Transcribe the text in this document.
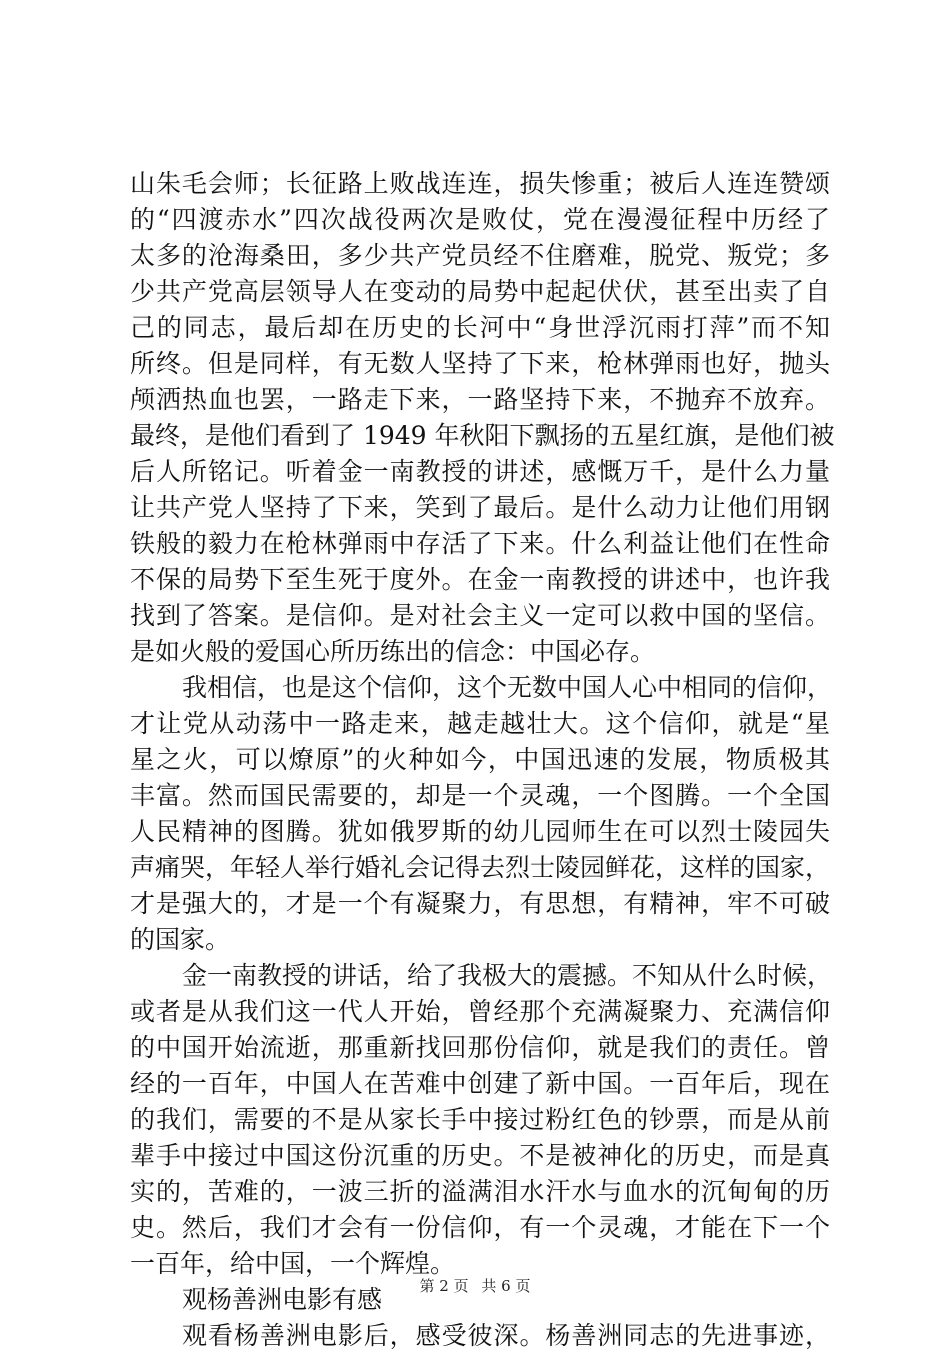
山朱毛会师；长征路上败战连连，损失惨重；被后人连连赞颂
的“四渡赤水”四次战役两次是败仗，党在漫漫征程中历经了
太多的沧海桑田，多少共产党员经不住磨难，脱党、叛党；多
少共产党高层领导人在变动的局势中起起伏伏，甚至出卖了自
己的同志，最后却在历史的长河中“身世浮沉雨打萍”而不知
所终。但是同样，有无数人坚持了下来，枪林弹雨也好，抛头
颅洒热血也罢，一路走下来，一路坚持下来，不抛弃不放弃。
最终，是他们看到了 1949 年秋阳下飘扬的五星红旗，是他们被
后人所铭记。听着金一南教授的讲述，感慨万千，是什么力量
让共产党人坚持了下来，笑到了最后。是什么动力让他们用钢
铁般的毅力在枪林弹雨中存活了下来。什么利益让他们在性命
不保的局势下至生死于度外。在金一南教授的讲述中，也许我
找到了答案。是信仰。是对社会主义一定可以救中国的坚信。
是如火般的爱国心所历练出的信念：中国必存。
我相信，也是这个信仰，这个无数中国人心中相同的信仰，
才让党从动荡中一路走来，越走越壮大。这个信仰，就是“星
星之火，可以燎原”的火种如今，中国迅速的发展，物质极其
丰富。然而国民需要的，却是一个灵魂，一个图腾。一个全国
人民精神的图腾。犹如俄罗斯的幼儿园师生在可以烈士陵园失
声痛哭，年轻人举行婚礼会记得去烈士陵园鲜花，这样的国家，
才是强大的，才是一个有凝聚力，有思想，有精神，牢不可破
的国家。
金一南教授的讲话，给了我极大的震撼。不知从什么时候，
或者是从我们这一代人开始，曾经那个充满凝聚力、充满信仰
的中国开始流逝，那重新找回那份信仰，就是我们的责任。曾
经的一百年，中国人在苦难中创建了新中国。一百年后，现在
的我们，需要的不是从家长手中接过粉红色的钞票，而是从前
辈手中接过中国这份沉重的历史。不是被神化的历史，而是真
实的，苦难的，一波三折的溢满泪水汗水与血水的沉甸甸的历
史。然后，我们才会有一份信仰，有一个灵魂，才能在下一个
一百年，给中国，一个辉煌。
观杨善洲电影有感
观看杨善洲电影后，感受彼深。杨善洲同志的先进事迹，
第 2 页 共 6 页
